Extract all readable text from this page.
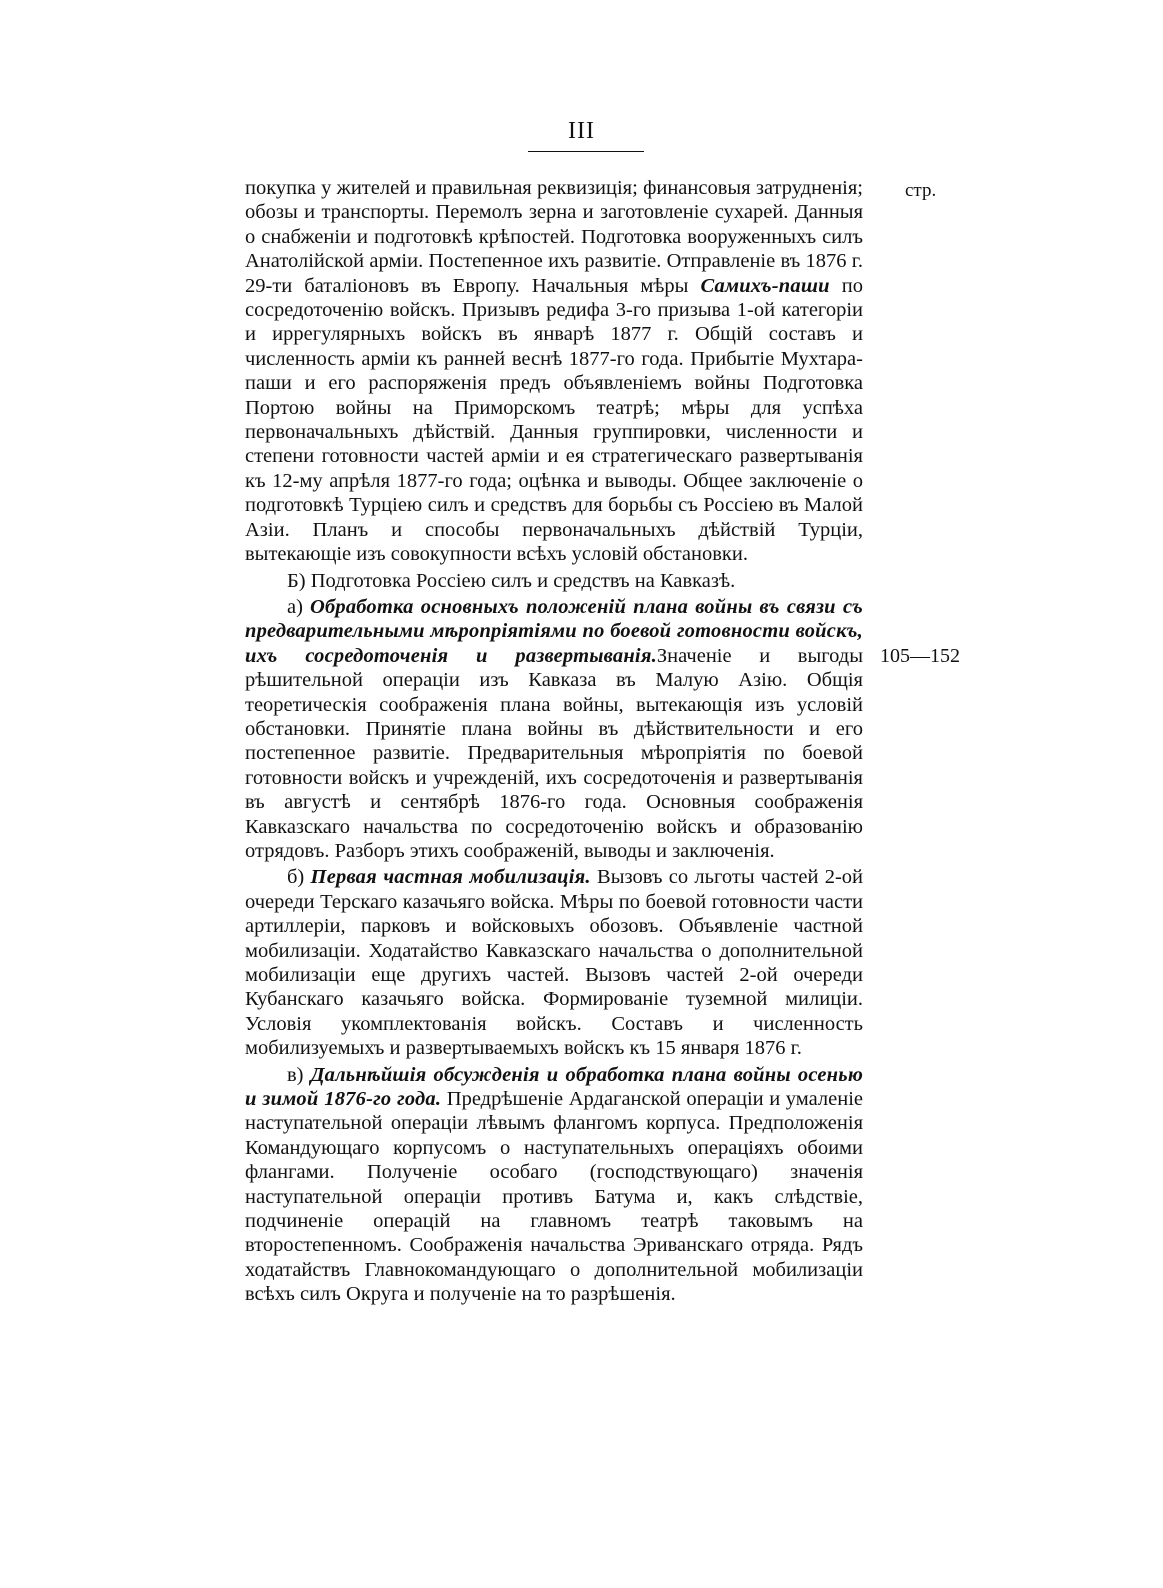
III
стр.
105—152

покупка у жителей и правильная реквизиція; финансовыя затрудненія; обозы и транспорты. Перемолъ зерна и заготовленіе сухарей. Данныя о снабженіи и подготовкѣ крѣпостей. Подготовка вооруженныхъ силъ Анатолійской арміи. Постепенное ихъ развитіе. Отправленіе въ 1876 г. 29-ти баталіоновъ въ Европу. Начальныя мѣры Самихъ-паши по сосредоточенію войскъ. Призывъ редифа 3-го призыва 1-ой категоріи и иррегулярныхъ войскъ въ январѣ 1877 г. Общій составъ и численность арміи къ ранней веснѣ 1877-го года. Прибытіе Мухтара-паши и его распоряженія предъ объявленіемъ войны Подготовка Портою войны на Приморскомъ театрѣ; мѣры для успѣха первоначальныхъ дѣйствій. Данныя группировки, численности и степени готовности частей арміи и ея стратегическаго развертыванія къ 12-му апрѣля 1877-го года; оцѣнка и выводы. Общее заключеніе о подготовкѣ Турціею силъ и средствъ для борьбы съ Россіею въ Малой Азіи. Планъ и способы первоначальныхъ дѣйствій Турціи, вытекающіе изъ совокупности всѣхъ условій обстановки.

Б) Подготовка Россіею силъ и средствъ на Кавказѣ.

а) Обработка основныхъ положеній плана войны въ связи съ предварительными мѣропріятіями по боевой готовности войскъ, ихъ сосредоточенія и развертыванія.Значеніе и выгоды рѣшительной операціи изъ Кавказа въ Малую Азію. Общія теоретическія соображенія плана войны, вытекающія изъ условій обстановки. Принятіе плана войны въ дѣйствительности и его постепенное развитіе. Предварительныя мѣропріятія по боевой готовности войскъ и учрежденій, ихъ сосредоточенія и развертыванія въ августѣ и сентябрѣ 1876-го года. Основныя соображенія Кавказскаго начальства по сосредоточенію войскъ и образованію отрядовъ. Разборъ этихъ соображеній, выводы и заключенія.

б) Первая частная мобилизація. Вызовъ со льготы частей 2-ой очереди Терскаго казачьяго войска. Мѣры по боевой готовности части артиллеріи, парковъ и войсковыхъ обозовъ. Объявленіе частной мобилизаціи. Ходатайство Кавказскаго начальства о дополнительной мобилизаціи еще другихъ частей. Вызовъ частей 2-ой очереди Кубанскаго казачьяго войска. Формированіе туземной милиціи. Условія укомплектованія войскъ. Составъ и численность мобилизуемыхъ и развертываемыхъ войскъ къ 15 января 1876 г.

в) Дальнѣйшія обсужденія и обработка плана войны осенью и зимой 1876-го года. Предрѣшеніе Ардаганской операціи и умаленіе наступательной операціи лѣвымъ флангомъ корпуса. Предположенія Командующаго корпусомъ о наступательныхъ операціяхъ обоими флангами. Полученіе особаго (господствующаго) значенія наступательной операціи противъ Батума и, какъ слѣдствіе, подчиненіе операцій на главномъ театрѣ таковымъ на второстепенномъ. Соображенія начальства Эриванскаго отряда. Рядъ ходатайствъ Главнокомандующаго о дополнительной мобилизаціи всѣхъ силъ Округа и полученіе на то разрѣшенія.
